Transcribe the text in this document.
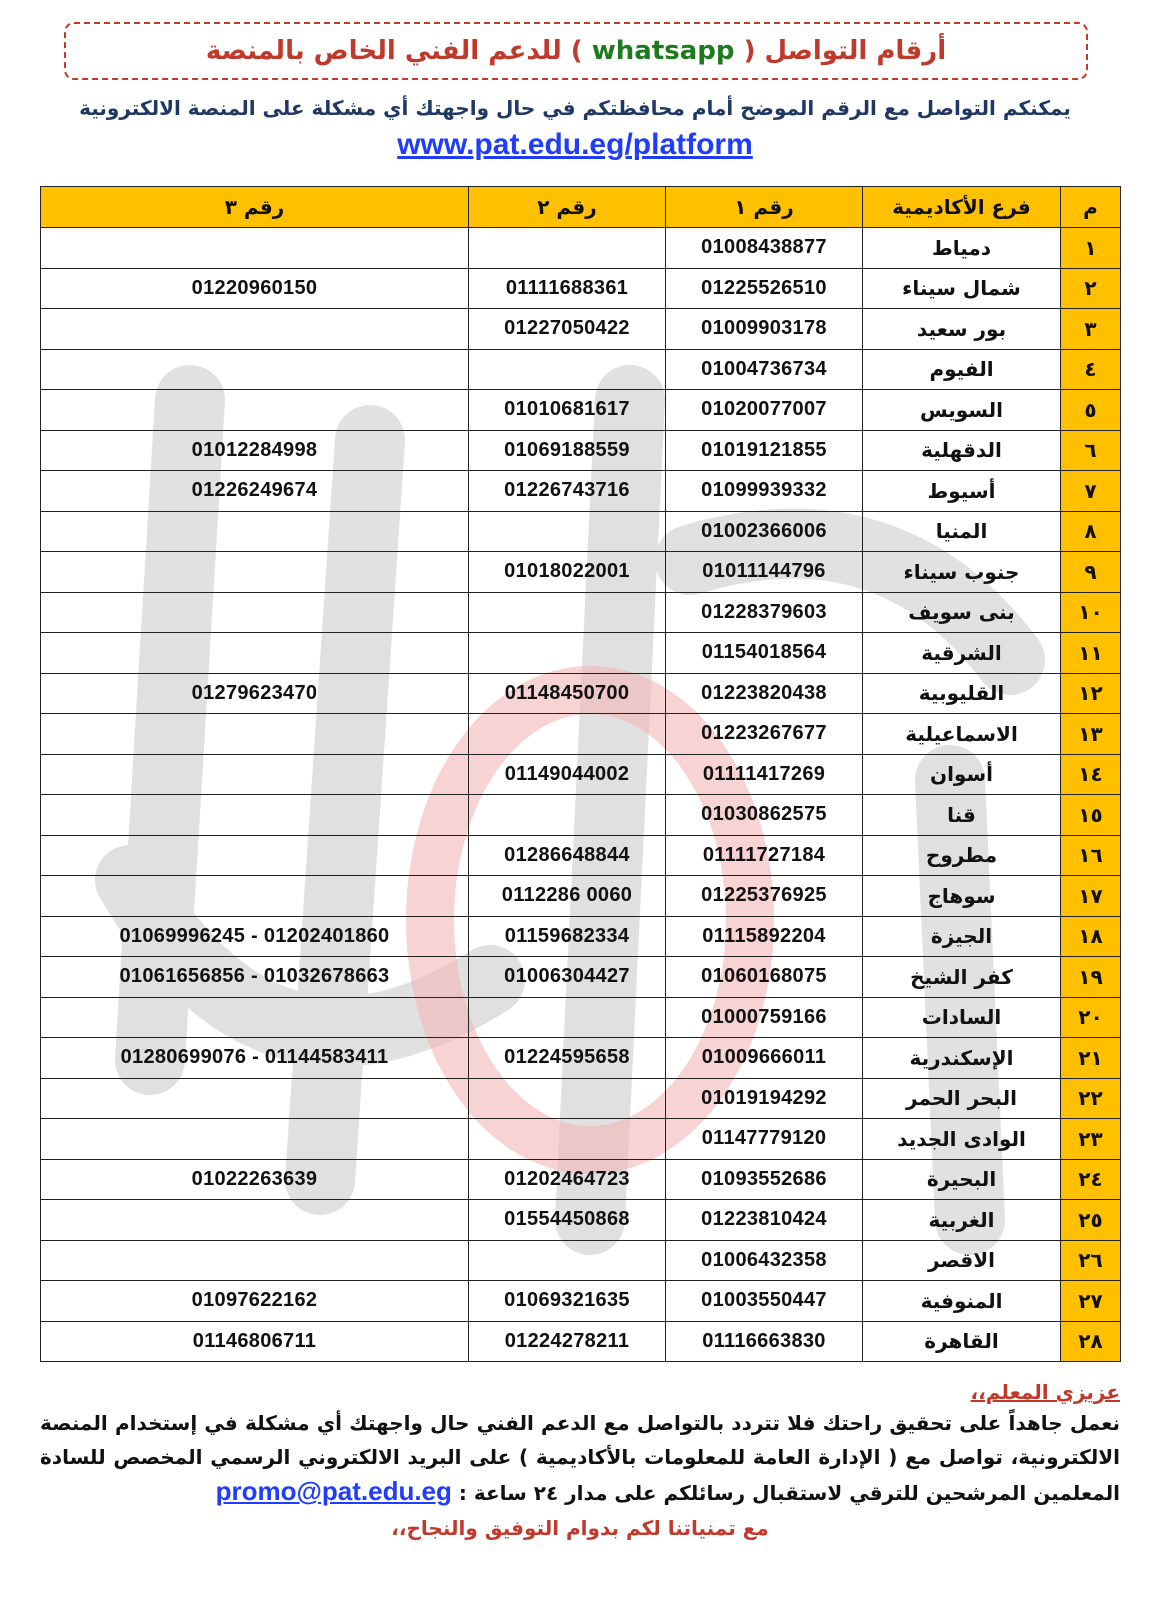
أرقام التواصل ( whatsapp ) للدعم الفني الخاص بالمنصة
يمكنكم التواصل مع الرقم الموضح أمام محافظتكم في حال واجهتك أي مشكلة على المنصة الالكترونية
www.pat.edu.eg/platform
م	فرع الأكاديمية	رقم ١	رقم ٢	رقم ٣
١	دمياط	01008438877		
٢	شمال سيناء	01225526510	01111688361	01220960150
٣	بور سعيد	01009903178	01227050422	
٤	الفيوم	01004736734		
٥	السويس	01020077007	01010681617	
٦	الدقهلية	01019121855	01069188559	01012284998
٧	أسيوط	01099939332	01226743716	01226249674
٨	المنيا	01002366006		
٩	جنوب سيناء	01011144796	01018022001	
١٠	بنى سويف	01228379603		
١١	الشرقية	01154018564		
١٢	القليوبية	01223820438	01148450700	01279623470
١٣	الاسماعيلية	01223267677		
١٤	أسوان	01111417269	01149044002	
١٥	قنا	01030862575		
١٦	مطروح	01111727184	01286648844	
١٧	سوهاج	01225376925	0112286 0060	
١٨	الجيزة	01115892204	01159682334	01069996245 - 01202401860
١٩	كفر الشيخ	01060168075	01006304427	01061656856 - 01032678663
٢٠	السادات	01000759166		
٢١	الإسكندرية	01009666011	01224595658	01280699076 - 01144583411
٢٢	البحر الحمر	01019194292		
٢٣	الوادى الجديد	01147779120		
٢٤	البحيرة	01093552686	01202464723	01022263639
٢٥	الغربية	01223810424	01554450868	
٢٦	الاقصر	01006432358		
٢٧	المنوفية	01003550447	01069321635	01097622162
٢٨	القاهرة	01116663830	01224278211	01146806711
عزيزي المعلم،،
نعمل جاهداً على تحقيق راحتك فلا تتردد بالتواصل مع الدعم الفني حال واجهتك أي مشكلة في إستخدام المنصة الالكترونية، تواصل مع ( الإدارة العامة للمعلومات بالأكاديمية ) على البريد الالكتروني الرسمي المخصص للسادة المعلمين المرشحين للترقي لاستقبال رسائلكم على مدار ٢٤ ساعة : promo@pat.edu.eg
مع تمنياتنا لكم بدوام التوفيق والنجاح،،
